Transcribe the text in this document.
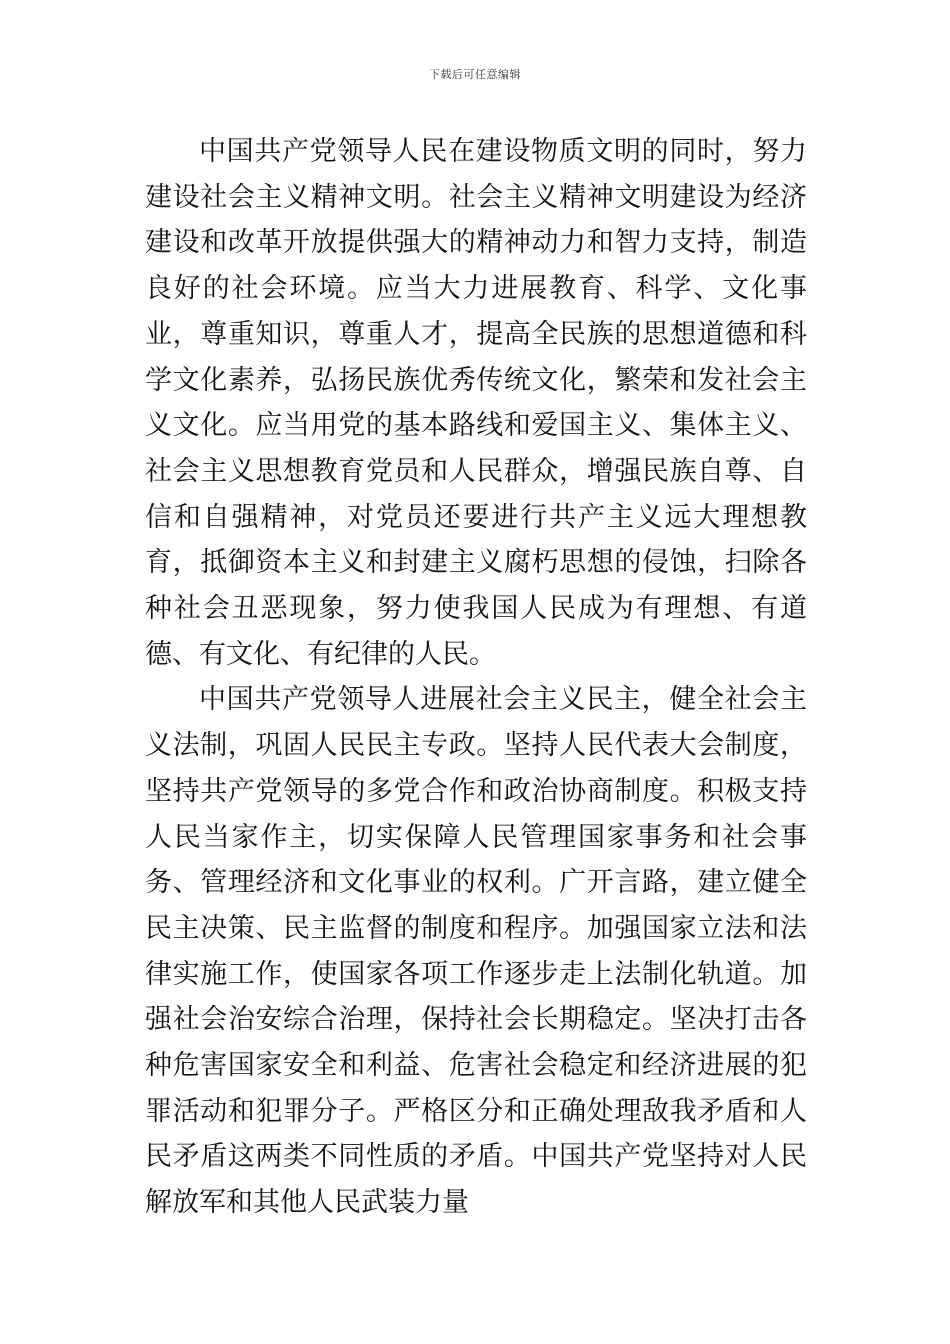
下载后可任意编辑

中国共产党领导人民在建设物质文明的同时，努力建设社会主义精神文明。社会主义精神文明建设为经济建设和改革开放提供强大的精神动力和智力支持，制造良好的社会环境。应当大力进展教育、科学、文化事业，尊重知识，尊重人才，提高全民族的思想道德和科学文化素养，弘扬民族优秀传统文化，繁荣和发社会主义文化。应当用党的基本路线和爱国主义、集体主义、社会主义思想教育党员和人民群众，增强民族自尊、自信和自强精神，对党员还要进行共产主义远大理想教育，抵御资本主义和封建主义腐朽思想的侵蚀，扫除各种社会丑恶现象，努力使我国人民成为有理想、有道德、有文化、有纪律的人民。

中国共产党领导人进展社会主义民主，健全社会主义法制，巩固人民民主专政。坚持人民代表大会制度，坚持共产党领导的多党合作和政治协商制度。积极支持人民当家作主，切实保障人民管理国家事务和社会事务、管理经济和文化事业的权利。广开言路，建立健全民主决策、民主监督的制度和程序。加强国家立法和法律实施工作，使国家各项工作逐步走上法制化轨道。加强社会治安综合治理，保持社会长期稳定。坚决打击各种危害国家安全和利益、危害社会稳定和经济进展的犯罪活动和犯罪分子。严格区分和正确处理敌我矛盾和人民矛盾这两类不同性质的矛盾。中国共产党坚持对人民解放军和其他人民武装力量
